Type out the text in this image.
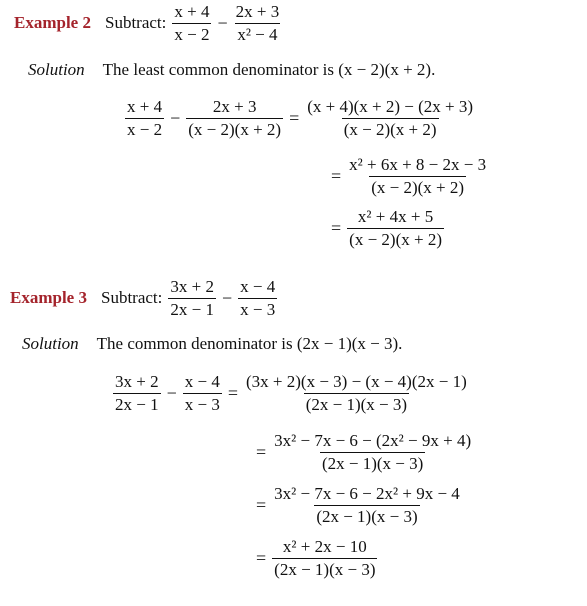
Example 2 Subtract: $\frac{x + 4}{x - 2} - \frac{2x + 3}{\text{x² − 4}}$
Solution The least common denominator is (x − 2)(x + 2).
$\frac{x + 4}{x - 2} - \frac{2x + 3}{(x - 2)(x + 2)} = \frac{(x + 4)(x + 2) - (2x + 3)}{(x - 2)(x + 2)}$
= $\frac{\text{x² + 6x + 8 − 2x − 3}}{(x - 2)(x + 2)}$
= $\frac{\text{x² + 4x + 5}}{(x - 2)(x + 2)}$
Example 3 Subtract: $\frac{3x + 2}{2x - 1} - \frac{x - 4}{x - 3}$
Solution The common denominator is (2x − 1)(x − 3).
$\frac{3x + 2}{2x - 1} - \frac{x - 4}{x - 3} = \frac{(3x + 2)(x - 3) - (x - 4)(2x - 1)}{(2x - 1)(x - 3)}$
= $\frac{\text{3x² − 7x − 6 − (2x² − 9x + 4)}}{(2x - 1)(x - 3)}$
= $\frac{\text{3x² − 7x − 6 − 2x² + 9x − 4}}{(2x - 1)(x - 3)}$
= $\frac{\text{x² + 2x − 10}}{(2x - 1)(x - 3)}$
